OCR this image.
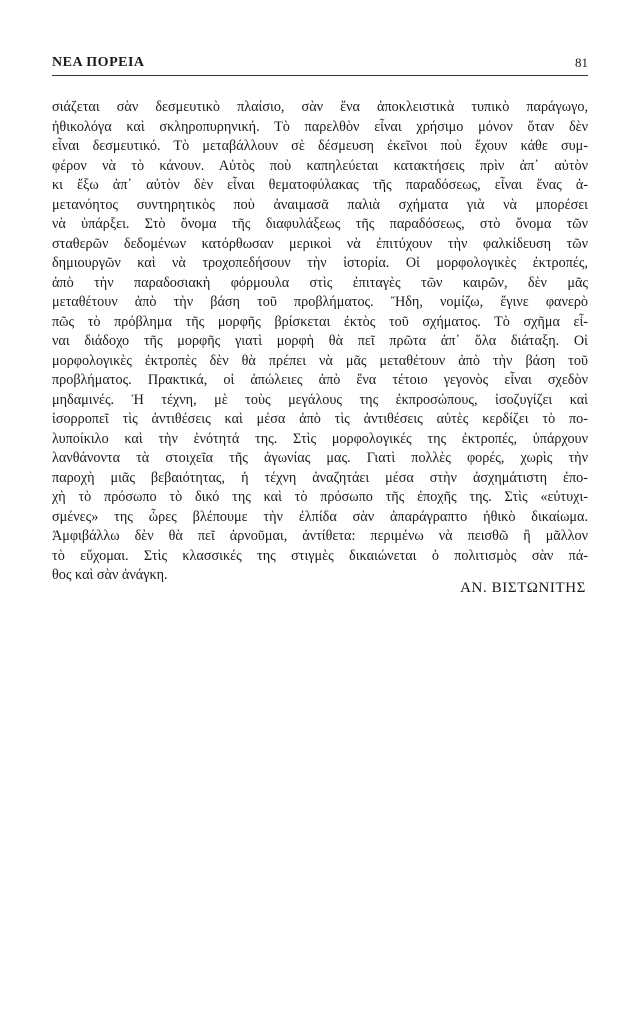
ΝΕΑ ΠΟΡΕΙΑ	81
σιάζεται σὰν δεσμευτικὸ πλαίσιο, σὰν ἕνα ἀποκλειστικὰ τυπικὸ παράγωγο,
ἠθικολόγα καὶ σκληροπυρηνική. Τὸ παρελθὸν εἶναι χρήσιμο μόνον ὅταν δὲν
εἶναι δεσμευτικό. Τὸ μεταβάλλουν σὲ δέσμευση ἐκεῖνοι ποὺ ἔχουν κάθε συμ-
φέρον νὰ τὸ κάνουν. Αὐτὸς ποὺ καπηλεύεται κατακτήσεις πρὶν ἀπ᾽ αὐτὸν
κι ἔξω ἀπ᾽ αὐτὸν δὲν εἶναι θεματοφύλακας τῆς παραδόσεως, εἶναι ἕνας ἀ-
μετανόητος συντηρητικὸς ποὺ ἀναιμασᾶ παλιὰ σχήματα γιὰ νὰ μπορέσει
νὰ ὑπάρξει. Στὸ ὄνομα τῆς διαφυλάξεως τῆς παραδόσεως, στὸ ὄνομα τῶν
σταθερῶν δεδομένων κατόρθωσαν μερικοὶ νὰ ἐπιτύχουν τὴν φαλκίδευση τῶν
δημιουργῶν καὶ νὰ τροχοπεδήσουν τὴν ἱστορία. Οἱ μορφολογικὲς ἐκτροπές,
ἀπὸ τὴν παραδοσιακὴ φόρμουλα στὶς ἐπιταγὲς τῶν καιρῶν, δὲν μᾶς
μεταθέτουν ἀπὸ τὴν βάση τοῦ προβλήματος. Ἤδη, νομίζω, ἔγινε φανερὸ
πῶς τὸ πρόβλημα τῆς μορφῆς βρίσκεται ἐκτὸς τοῦ σχήματος. Τὸ σχῆμα εἶ-
ναι διάδοχο τῆς μορφῆς γιατὶ μορφὴ θὰ πεῖ πρῶτα ἀπ᾽ ὅλα διάταξη. Οἱ
μορφολογικὲς ἐκτροπὲς δὲν θὰ πρέπει νὰ μᾶς μεταθέτουν ἀπὸ τὴν βάση τοῦ
προβλήματος. Πρακτικά, οἱ ἀπώλειες ἀπὸ ἕνα τέτοιο γεγονὸς εἶναι σχεδὸν
μηδαμινές. Ἡ τέχνη, μὲ τοὺς μεγάλους της ἐκπροσώπους, ἰσοζυγίζει καὶ
ἰσορροπεῖ τὶς ἀντιθέσεις καὶ μέσα ἀπὸ τὶς ἀντιθέσεις αὐτὲς κερδίζει τὸ πο-
λυποίκιλο καὶ τὴν ἑνότητά της. Στὶς μορφολογικές της ἐκτροπές, ὑπάρχουν
λανθάνοντα τὰ στοιχεῖα τῆς ἀγωνίας μας. Γιατὶ πολλὲς φορές, χωρὶς τὴν
παροχὴ μιᾶς βεβαιότητας, ἡ τέχνη ἀναζητάει μέσα στὴν ἀσχημάτιστη ἐπο-
χὴ τὸ πρόσωπο τὸ δικό της καὶ τὸ πρόσωπο τῆς ἐποχῆς της. Στὶς «εὐτυχι-
σμένες» της ὧρες βλέπουμε τὴν ἐλπίδα σὰν ἀπαράγραπτο ἠθικὸ δικαίωμα.
Ἀμφιβάλλω δὲν θὰ πεῖ ἀρνοῦμαι, ἀντίθετα: περιμένω νὰ πεισθῶ ἢ μᾶλλον
τὸ εὔχομαι. Στὶς κλασσικές της στιγμὲς δικαιώνεται ὁ πολιτισμὸς σὰν πά-
θος καὶ σὰν ἀνάγκη.
ΑΝ. ΒΙΣΤΩΝΙΤΗΣ
